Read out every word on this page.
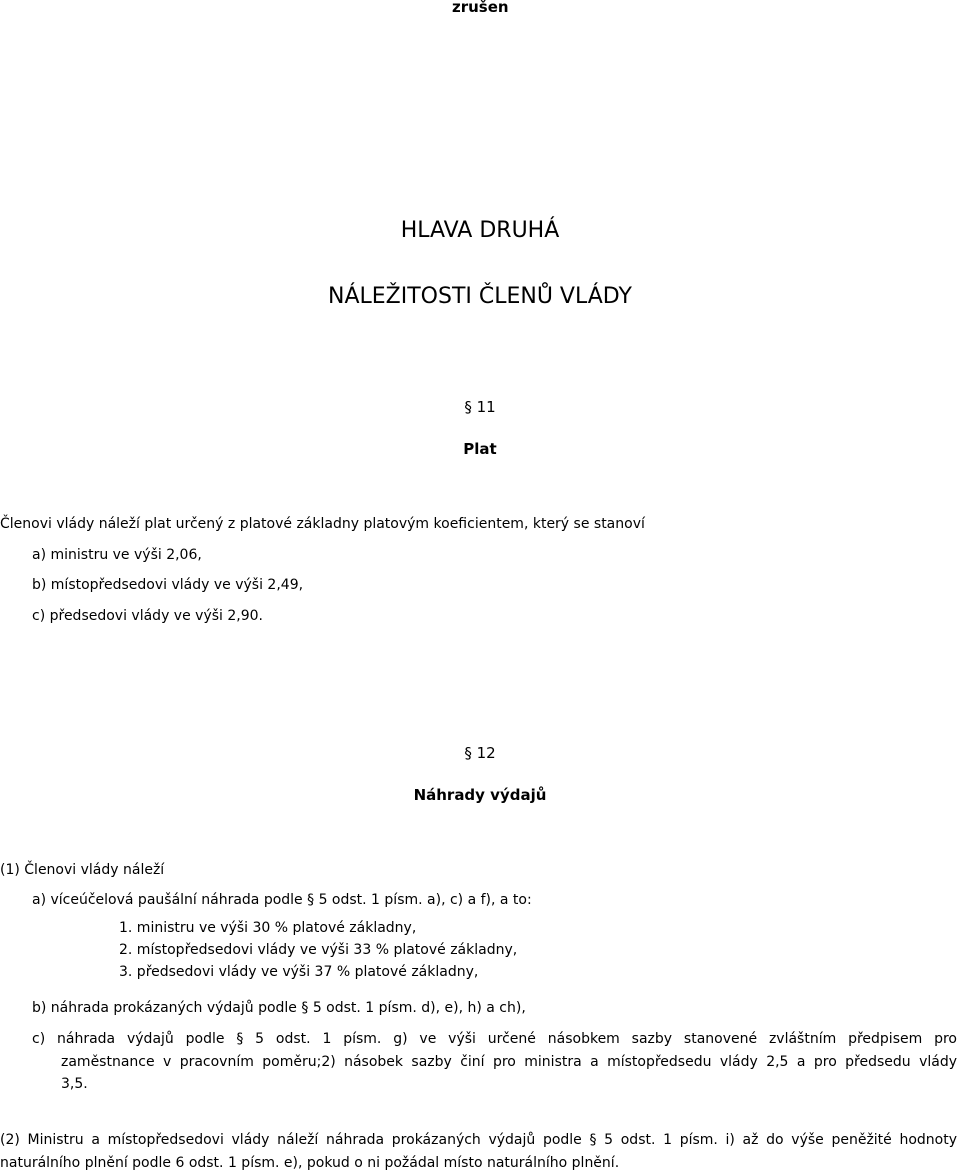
zrušen
HLAVA DRUHÁ
NÁLEŽITOSTI ČLENŮ VLÁDY
§ 11
Plat
Členovi vlády náleží plat určený z platové základny platovým koeficientem, který se stanoví
a) ministru ve výši 2,06,
b) místopředsedovi vlády ve výši 2,49,
c) předsedovi vlády ve výši 2,90.
§ 12
Náhrady výdajů
(1) Členovi vlády náleží
a) víceúčelová paušální náhrada podle § 5 odst. 1 písm. a), c) a f), a to:
1. ministru ve výši 30 % platové základny,
2. místopředsedovi vlády ve výši 33 % platové základny,
3. předsedovi vlády ve výši 37 % platové základny,
b) náhrada prokázaných výdajů podle § 5 odst. 1 písm. d), e), h) a ch),
c) náhrada výdajů podle § 5 odst. 1 písm. g) ve výši určené násobkem sazby stanovené zvláštním předpisem pro
zaměstnance v pracovním poměru;2) násobek sazby činí pro ministra a místopředsedu vlády 2,5 a pro předsedu vlády
3,5.
(2) Ministru a místopředsedovi vlády náleží náhrada prokázaných výdajů podle § 5 odst. 1 písm. i) až do výše peněžité hodnoty
naturálního plnění podle 6 odst. 1 písm. e), pokud o ni požádal místo naturálního plnění.
